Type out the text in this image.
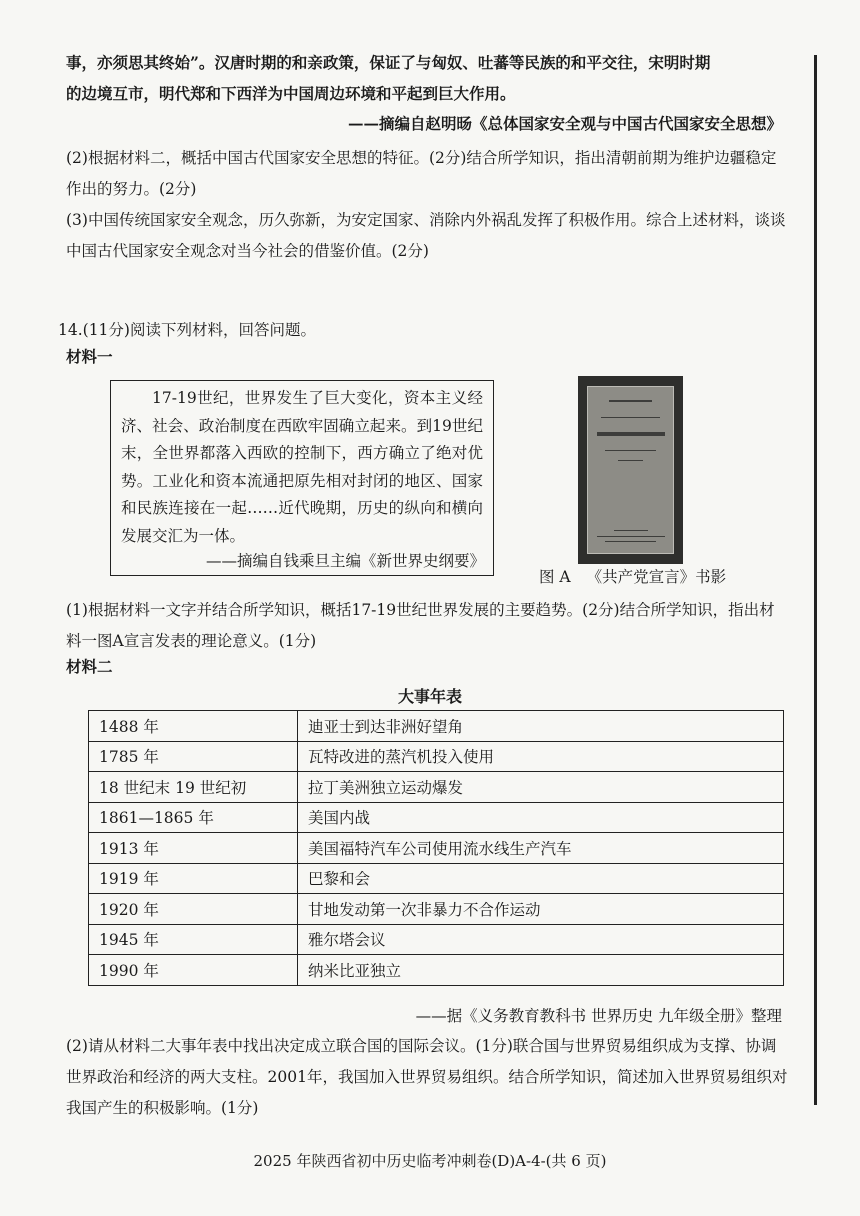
事，亦须思其终始”。汉唐时期的和亲政策，保证了与匈奴、吐蕃等民族的和平交往，宋明时期
的边境互市，明代郑和下西洋为中国周边环境和平起到巨大作用。
——摘编自赵明旸《总体国家安全观与中国古代国家安全思想》

(2)根据材料二，概括中国古代国家安全思想的特征。(2分)结合所学知识，指出清朝前期为维护边疆稳定作出的努力。(2分)

(3)中国传统国家安全观念，历久弥新，为安定国家、消除内外祸乱发挥了积极作用。综合上述材料，谈谈中国古代国家安全观念对当今社会的借鉴价值。(2分)

14.(11分)阅读下列材料，回答问题。
材料一

17-19世纪，世界发生了巨大变化，资本主义经济、社会、政治制度在西欧牢固确立起来。到19世纪末，全世界都落入西欧的控制下，西方确立了绝对优势。工业化和资本流通把原先相对封闭的地区、国家和民族连接在一起……近代晚期，历史的纵向和横向发展交汇为一体。

——摘编自钱乘旦主编《新世界史纲要》
图 A 《共产党宣言》书影

(1)根据材料一文字并结合所学知识，概括17-19世纪世界发展的主要趋势。(2分)结合所学知识，指出材料一图A宣言发表的理论意义。(1分)

材料二
大事年表
1488 年	迪亚士到达非洲好望角
1785 年	瓦特改进的蒸汽机投入使用
18 世纪末 19 世纪初	拉丁美洲独立运动爆发
1861—1865 年	美国内战
1913 年	美国福特汽车公司使用流水线生产汽车
1919 年	巴黎和会
1920 年	甘地发动第一次非暴力不合作运动
1945 年	雅尔塔会议
1990 年	纳米比亚独立
——据《义务教育教科书 世界历史 九年级全册》整理

(2)请从材料二大事年表中找出决定成立联合国的国际会议。(1分)联合国与世界贸易组织成为支撑、协调世界政治和经济的两大支柱。2001年，我国加入世界贸易组织。结合所学知识，简述加入世界贸易组织对我国产生的积极影响。(1分)

2025 年陕西省初中历史临考冲刺卷(D)A-4-(共 6 页)
